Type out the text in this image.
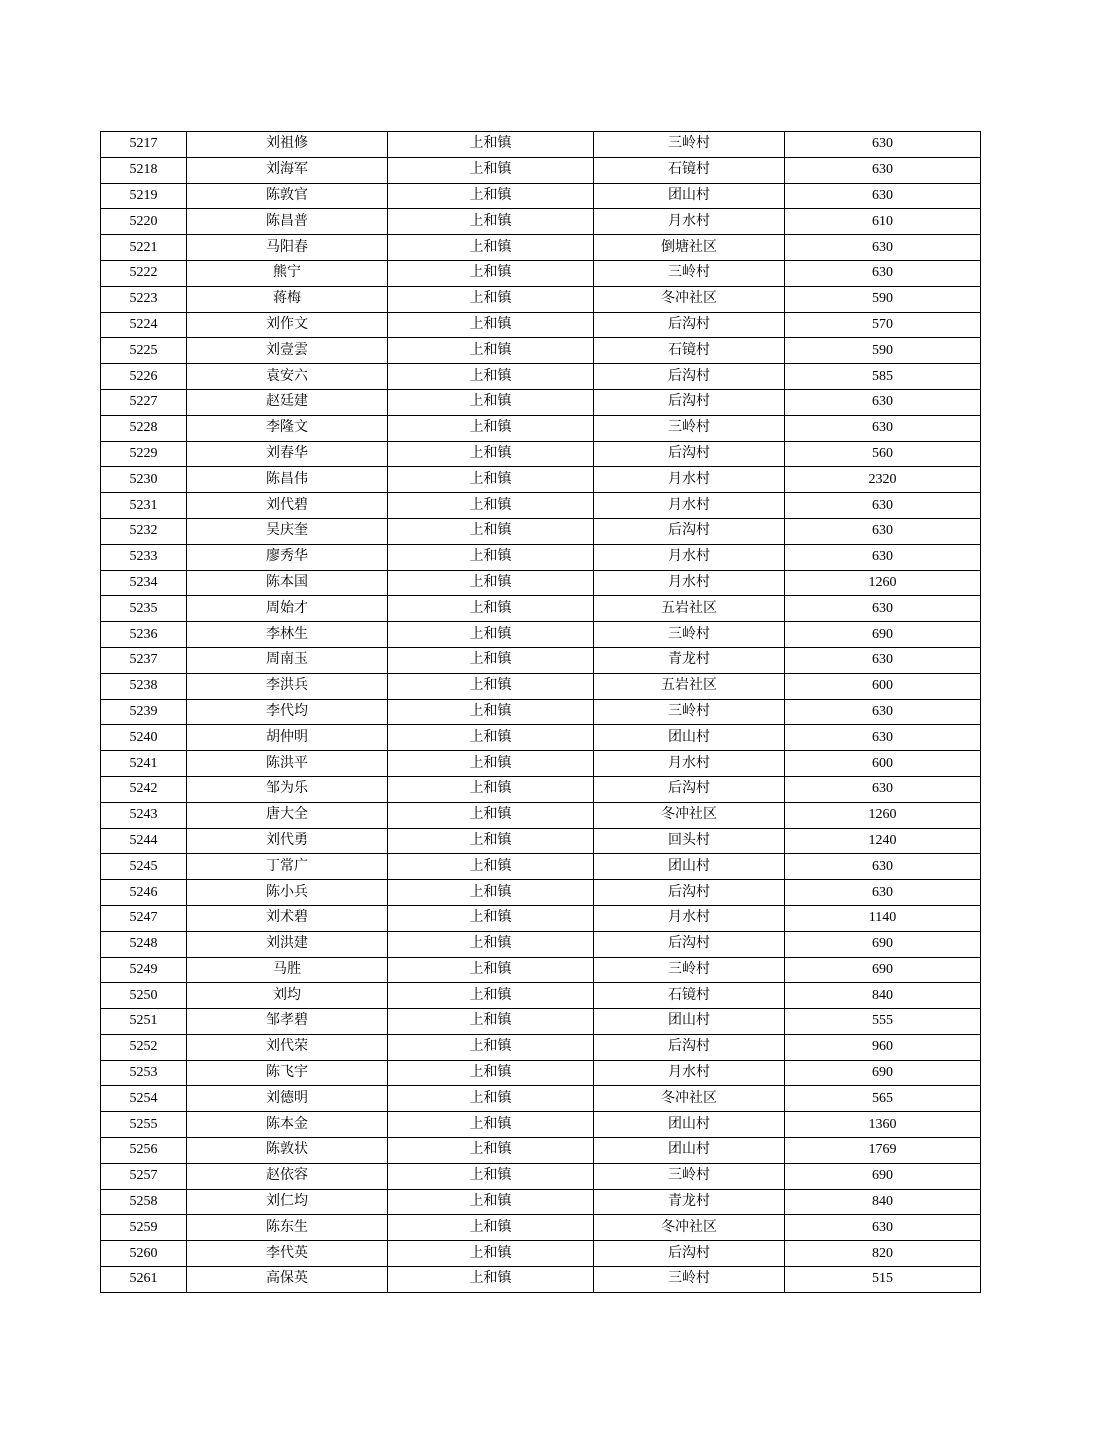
5217	刘祖修	上和镇	三岭村	630
5218	刘海军	上和镇	石镜村	630
5219	陈敦官	上和镇	团山村	630
5220	陈昌普	上和镇	月水村	610
5221	马阳春	上和镇	倒塘社区	630
5222	熊宁	上和镇	三岭村	630
5223	蒋梅	上和镇	冬冲社区	590
5224	刘作文	上和镇	后沟村	570
5225	刘壹雲	上和镇	石镜村	590
5226	袁安六	上和镇	后沟村	585
5227	赵廷建	上和镇	后沟村	630
5228	李隆文	上和镇	三岭村	630
5229	刘春华	上和镇	后沟村	560
5230	陈昌伟	上和镇	月水村	2320
5231	刘代碧	上和镇	月水村	630
5232	吴庆奎	上和镇	后沟村	630
5233	廖秀华	上和镇	月水村	630
5234	陈本国	上和镇	月水村	1260
5235	周始才	上和镇	五岩社区	630
5236	李林生	上和镇	三岭村	690
5237	周南玉	上和镇	青龙村	630
5238	李洪兵	上和镇	五岩社区	600
5239	李代均	上和镇	三岭村	630
5240	胡仲明	上和镇	团山村	630
5241	陈洪平	上和镇	月水村	600
5242	邹为乐	上和镇	后沟村	630
5243	唐大全	上和镇	冬冲社区	1260
5244	刘代勇	上和镇	回头村	1240
5245	丁常广	上和镇	团山村	630
5246	陈小兵	上和镇	后沟村	630
5247	刘术碧	上和镇	月水村	1140
5248	刘洪建	上和镇	后沟村	690
5249	马胜	上和镇	三岭村	690
5250	刘均	上和镇	石镜村	840
5251	邹孝碧	上和镇	团山村	555
5252	刘代荣	上和镇	后沟村	960
5253	陈飞宇	上和镇	月水村	690
5254	刘德明	上和镇	冬冲社区	565
5255	陈本金	上和镇	团山村	1360
5256	陈敦状	上和镇	团山村	1769
5257	赵依容	上和镇	三岭村	690
5258	刘仁均	上和镇	青龙村	840
5259	陈东生	上和镇	冬冲社区	630
5260	李代英	上和镇	后沟村	820
5261	高保英	上和镇	三岭村	515
